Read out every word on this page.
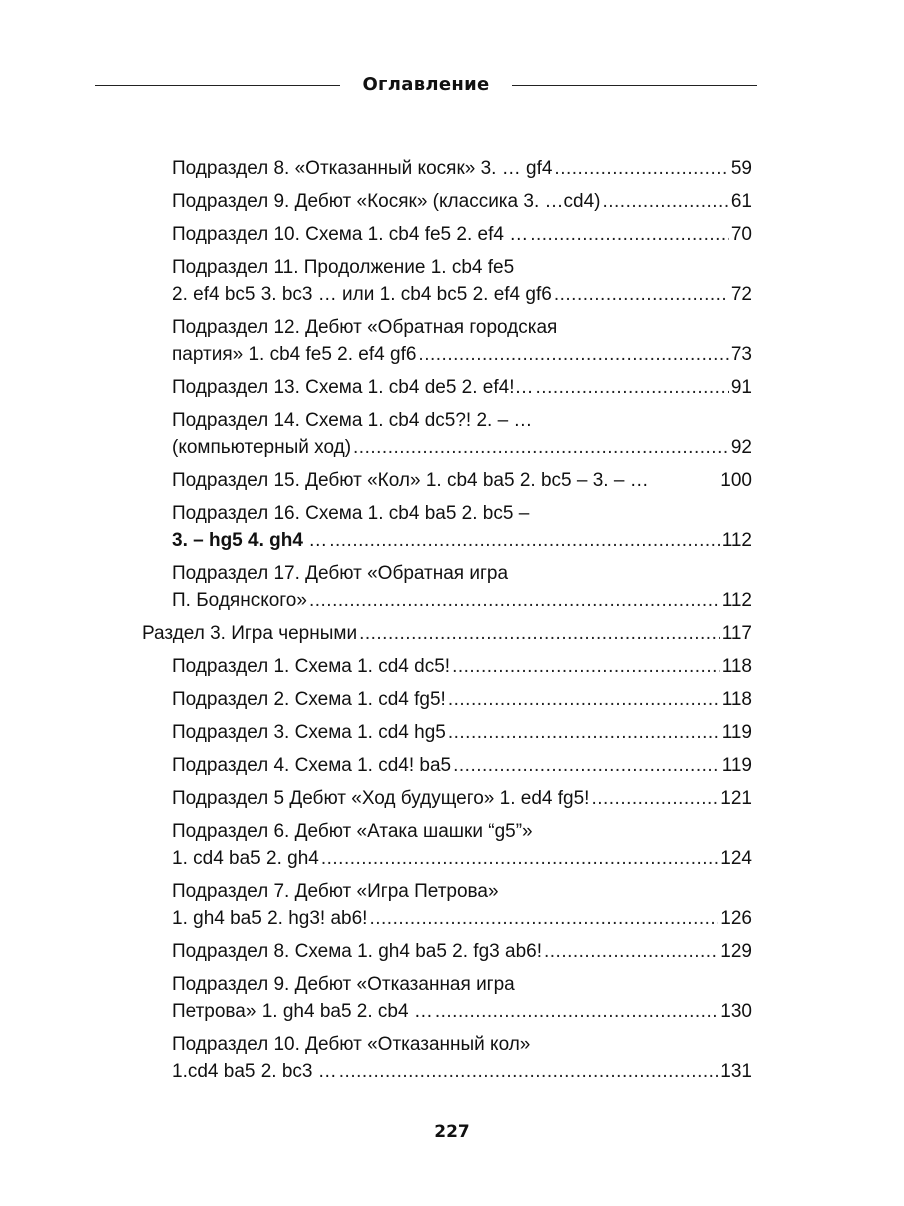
Оглавление
Подраздел 8. «Отказанный косяк» 3. … gf4 .....	59
Подраздел 9. Дебют «Косяк» (классика 3. …cd4) .....	61
Подраздел 10. Схема 1. cb4 fe5 2. ef4 … .....	70
Подраздел 11. Продолжение 1. cb4 fe5
2. ef4 bc5 3. bc3 … или 1. cb4 bc5 2. ef4 gf6 .....	72
Подраздел 12. Дебют «Обратная городская
партия» 1. cb4 fe5 2. ef4 gf6 .....	73
Подраздел 13. Схема 1. cb4 de5 2. ef4!… .....	91
Подраздел 14. Схема 1. cb4 dc5?! 2. – …
(компьютерный ход) .....	92
Подраздел 15. Дебют «Кол» 1. cb4 ba5 2. bc5 – 3. – …	100
Подраздел 16. Схема 1. cb4 ba5 2. bc5 –
3. – hg5 4. gh4 … .....	112
Подраздел 17. Дебют «Обратная игра
П. Бодянского» .....	112
Раздел 3. Игра черными .....	117
Подраздел 1. Схема 1. cd4 dc5! .....	118
Подраздел 2. Схема 1. cd4 fg5! .....	118
Подраздел 3. Схема 1. cd4 hg5 .....	119
Подраздел 4. Схема 1. cd4! ba5 .....	119
Подраздел 5 Дебют «Ход будущего» 1. ed4 fg5! .....	121
Подраздел 6. Дебют «Атака шашки “g5”»
1. cd4 ba5 2. gh4 .....	124
Подраздел 7. Дебют «Игра Петрова»
1. gh4 ba5 2. hg3! ab6! .....	126
Подраздел 8. Схема 1. gh4 ba5 2. fg3 ab6! .....	129
Подраздел 9. Дебют «Отказанная игра
Петрова» 1. gh4 ba5 2. cb4 … .....	130
Подраздел 10. Дебют «Отказанный кол»
1.cd4 ba5 2. bc3 … .....	131
227
